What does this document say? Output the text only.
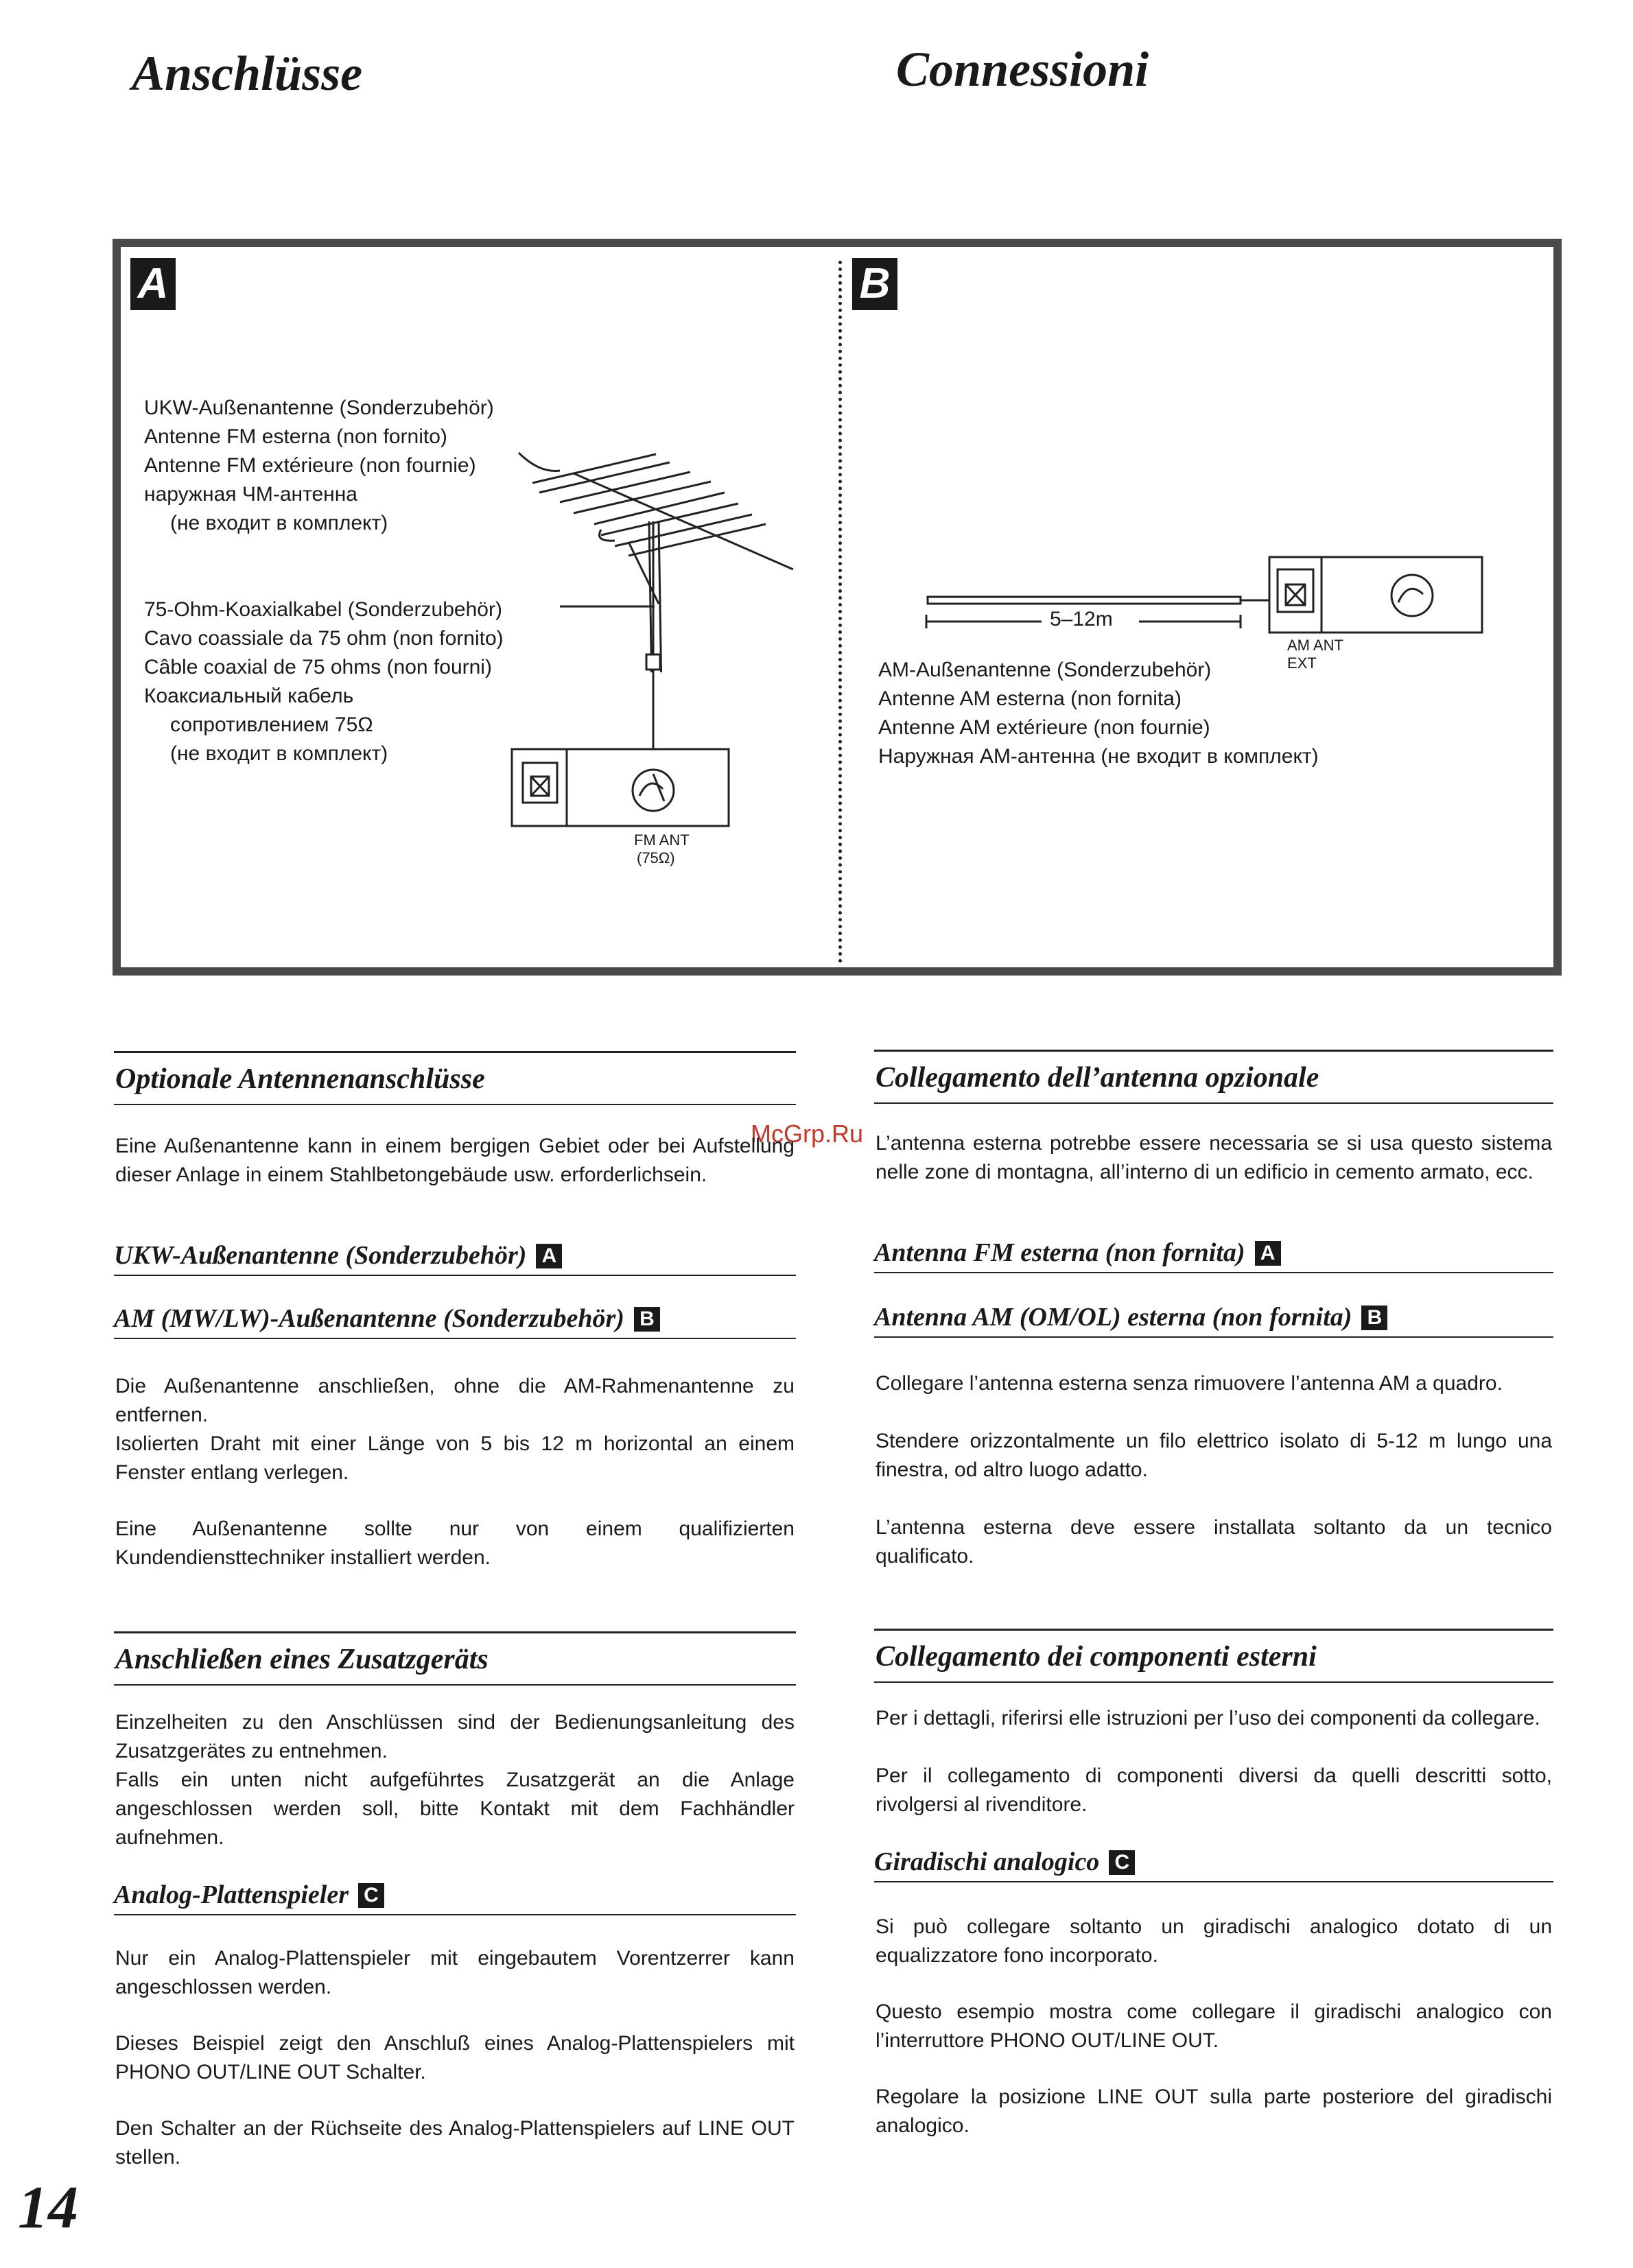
Anschlüsse	Connessioni
A	B
UKW-Außenantenne (Sonderzubehör)
Antenne FM esterna (non fornito)
Antenne FM extérieure (non fournie)
наружная ЧМ-антенна
(не входит в комплект)
75-Ohm-Koaxialkabel (Sonderzubehör)
Cavo coassiale da 75 ohm (non fornito)
Câble coaxial de 75 ohms (non fourni)
Коаксиальный кабель
сопротивлением 75Ω
(не входит в комплект)
FM ANT
(75Ω)
5–12m
AM ANT
EXT
AM-Außenantenne (Sonderzubehör)
Antenne AM esterna (non fornita)
Antenne AM extérieure (non fournie)
Наружная AM-антенна (не входит в комплект)
McGrp.Ru
Optionale Antennenanschlüsse

Eine Außenantenne kann in einem bergigen Gebiet oder bei Aufstellung dieser Anlage in einem Stahlbetongebäude usw. erforderlichsein.

UKW-Außenantenne (Sonderzubehör) A
AM (MW/LW)-Außenantenne (Sonderzubehör) B

Die Außenantenne anschließen, ohne die AM-Rahmenantenne zu entfernen.

Isolierten Draht mit einer Länge von 5 bis 12 m horizontal an einem Fenster entlang verlegen.

Eine Außenantenne sollte nur von einem qualifizierten Kundendiensttechniker installiert werden.

Anschließen eines Zusatzgeräts

Einzelheiten zu den Anschlüssen sind der Bedienungsanleitung des Zusatzgerätes zu entnehmen.

Falls ein unten nicht aufgeführtes Zusatzgerät an die Anlage angeschlossen werden soll, bitte Kontakt mit dem Fachhändler aufnehmen.

Analog-Plattenspieler C

Nur ein Analog-Plattenspieler mit eingebautem Vorentzerrer kann angeschlossen werden.

Dieses Beispiel zeigt den Anschluß eines Analog-Plattenspielers mit PHONO OUT/LINE OUT Schalter.

Den Schalter an der Rüchseite des Analog-Plattenspielers auf LINE OUT stellen.

Collegamento dell’antenna opzionale

L’antenna esterna potrebbe essere necessaria se si usa questo sistema nelle zone di montagna, all’interno di un edificio in cemento armato, ecc.

Antenna FM esterna (non fornita) A
Antenna AM (OM/OL) esterna (non fornita) B

Collegare l’antenna esterna senza rimuovere l’antenna AM a quadro.

Stendere orizzontalmente un filo elettrico isolato di 5-12 m lungo una finestra, od altro luogo adatto.

L’antenna esterna deve essere installata soltanto da un tecnico qualificato.

Collegamento dei componenti esterni

Per i dettagli, riferirsi elle istruzioni per l’uso dei componenti da collegare.

Per il collegamento di componenti diversi da quelli descritti sotto, rivolgersi al rivenditore.

Giradischi analogico C

Si può collegare soltanto un giradischi analogico dotato di un equalizzatore fono incorporato.

Questo esempio mostra come collegare il giradischi analogico con l’interruttore PHONO OUT/LINE OUT.

Regolare la posizione LINE OUT sulla parte posteriore del giradischi analogico.

14
